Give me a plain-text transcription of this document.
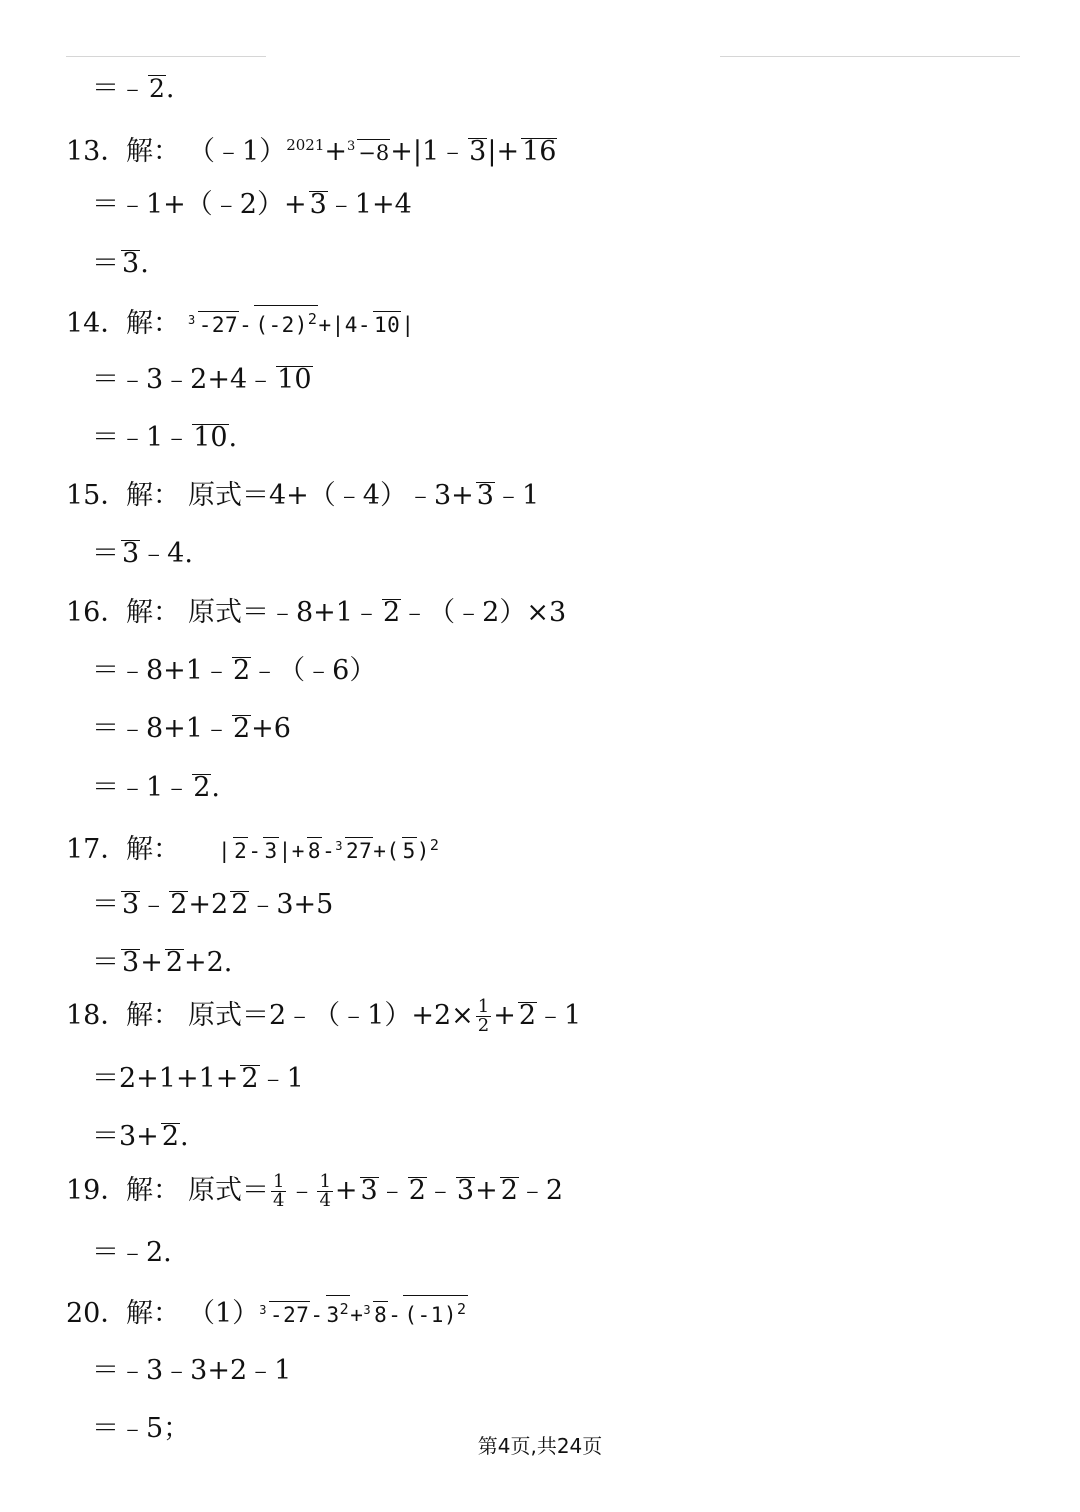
＝﹣ 2.
13．解： （﹣1）$^{2021}$+$^3$ −8+|1﹣ 3|+ 16
＝﹣1+（﹣2）+ 3﹣1+4
＝ 3.
14．解： $^3$ -27- $(-2)^2+|4-$ 10|
＝﹣3﹣2+4﹣ 10
＝﹣1﹣ 10.
15．解： 原式＝4+（﹣4）﹣3+ 3﹣1
＝ 3﹣4.
16．解： 原式＝﹣8+1﹣ 2﹣（﹣2）×3
＝﹣8+1﹣ 2﹣（﹣6）
＝﹣8+1﹣ 2+6
＝﹣1﹣ 2.
17．解： | 2- 3|+ 8-$^3$ 27+( 5)$^2$
＝ 3﹣ 2+2 2﹣3+5
＝ 3+ 2+2.
18．解： 原式＝2﹣（﹣1）+2× $\frac{1}{2}$ + 2﹣1
＝2+1+1+ 2﹣1
＝3+ 2.
19．解： 原式＝ $\frac{1}{4}$ ﹣ $\frac{1}{4}$ + 3﹣ 2﹣ 3+ 2﹣2
＝﹣2.
20．解： $(1)^3$ -27- $3^2+^3$ 8- $(-1)^2$
＝﹣3﹣3+2﹣1
＝﹣5；
第4页,共24页
